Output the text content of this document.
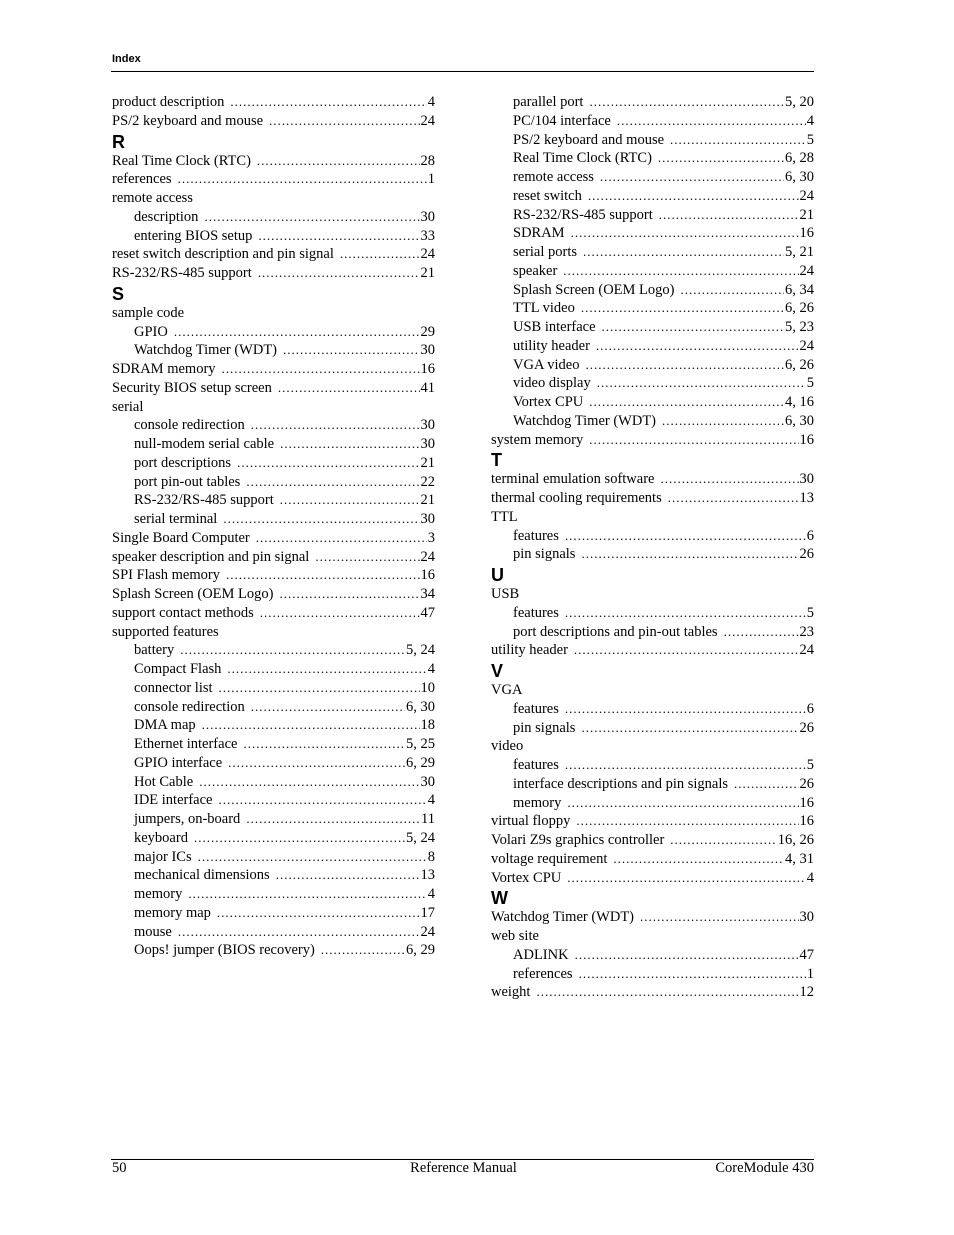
Index
product description .....	4
PS/2 keyboard and mouse .....	24
R
Real Time Clock (RTC) .....	28
references .....	1
remote access
description .....	30
entering BIOS setup .....	33
reset switch description and pin signal .....	24
RS-232/RS-485 support .....	21
S
sample code
GPIO .....	29
Watchdog Timer (WDT) .....	30
SDRAM memory .....	16
Security BIOS setup screen .....	41
serial
console redirection .....	30
null-modem serial cable .....	30
port descriptions .....	21
port pin-out tables .....	22
RS-232/RS-485 support .....	21
serial terminal .....	30
Single Board Computer .....	3
speaker description and pin signal .....	24
SPI Flash memory .....	16
Splash Screen (OEM Logo) .....	34
support contact methods .....	47
supported features
battery .....	5, 24
Compact Flash .....	4
connector list .....	10
console redirection .....	6, 30
DMA map .....	18
Ethernet interface .....	5, 25
GPIO interface .....	6, 29
Hot Cable .....	30
IDE interface .....	4
jumpers, on-board .....	11
keyboard .....	5, 24
major ICs .....	8
mechanical dimensions .....	13
memory .....	4
memory map .....	17
mouse .....	24
Oops! jumper (BIOS recovery) .....	6, 29
parallel port .....	5, 20
PC/104 interface .....	4
PS/2 keyboard and mouse .....	5
Real Time Clock (RTC) .....	6, 28
remote access .....	6, 30
reset switch .....	24
RS-232/RS-485 support .....	21
SDRAM .....	16
serial ports .....	5, 21
speaker .....	24
Splash Screen (OEM Logo) .....	6, 34
TTL video .....	6, 26
USB interface .....	5, 23
utility header .....	24
VGA video .....	6, 26
video display .....	5
Vortex CPU .....	4, 16
Watchdog Timer (WDT) .....	6, 30
system memory .....	16
T
terminal emulation software .....	30
thermal cooling requirements .....	13
TTL
features .....	6
pin signals .....	26
U
USB
features .....	5
port descriptions and pin-out tables .....	23
utility header .....	24
V
VGA
features .....	6
pin signals .....	26
video
features .....	5
interface descriptions and pin signals .....	26
memory .....	16
virtual floppy .....	16
Volari Z9s graphics controller .....	16, 26
voltage requirement .....	4, 31
Vortex CPU .....	4
W
Watchdog Timer (WDT) .....	30
web site
ADLINK .....	47
references .....	1
weight .....	12
50	Reference Manual	CoreModule 430
